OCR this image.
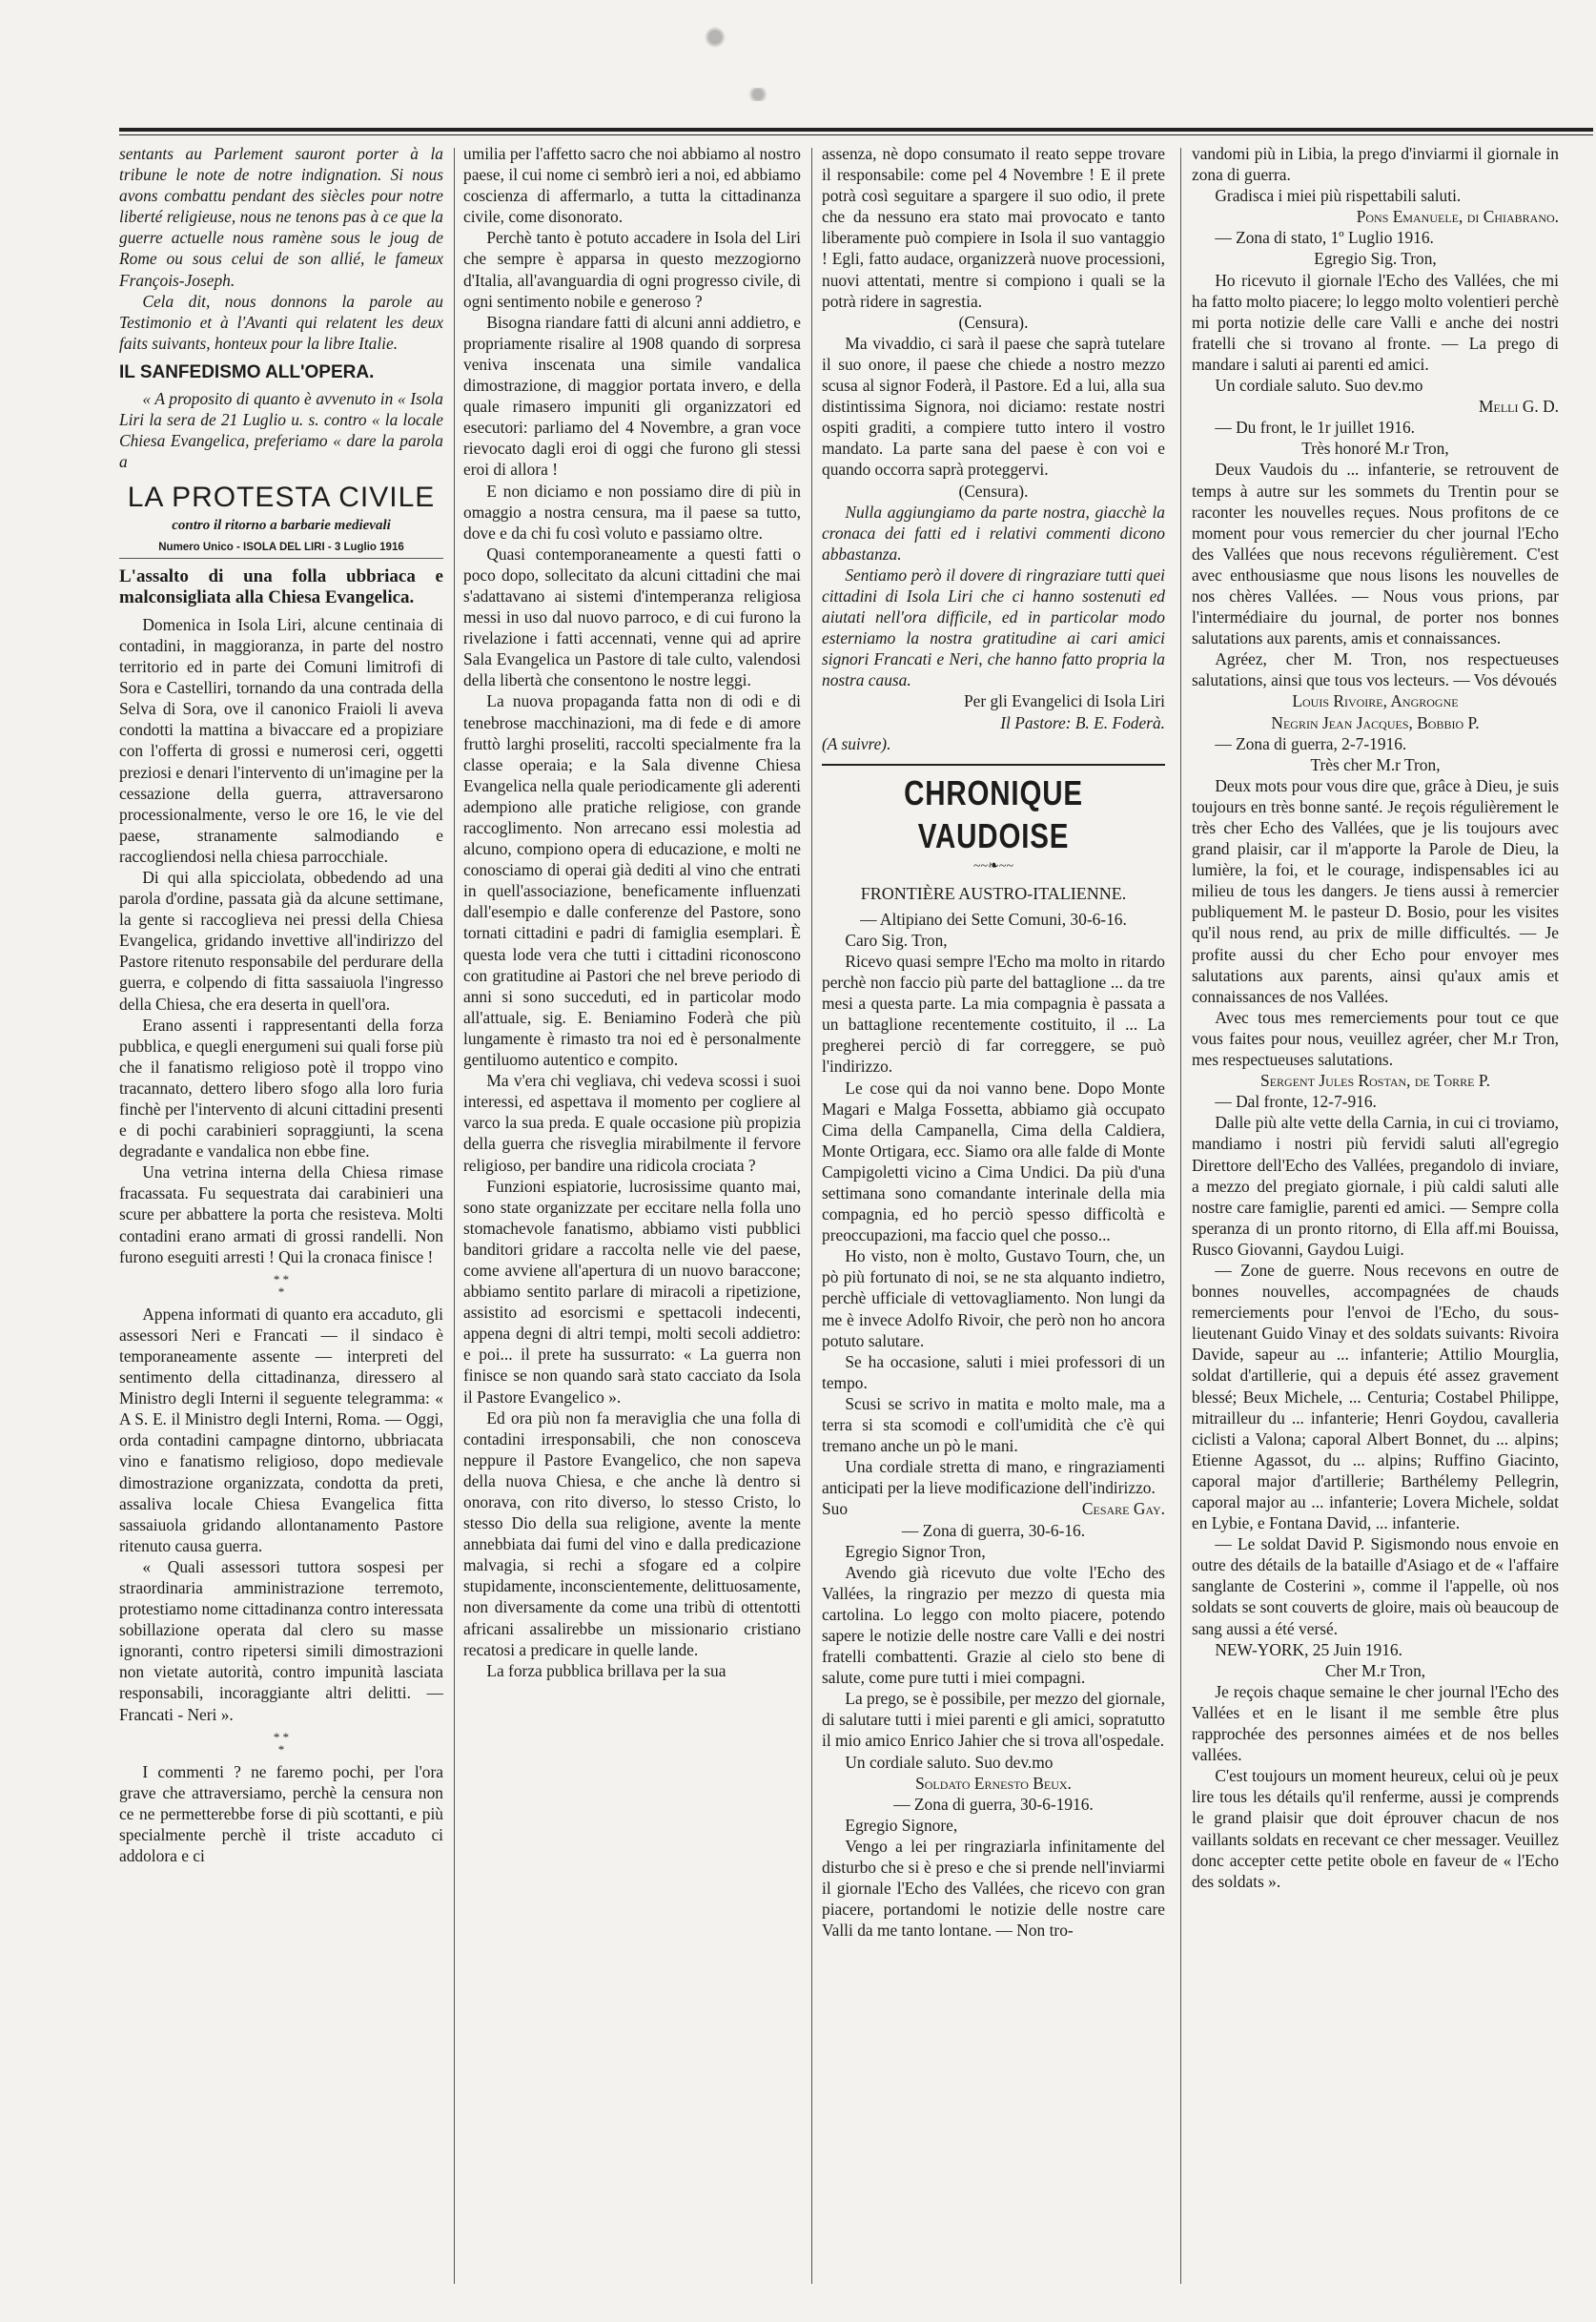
sentants au Parlement sauront porter à la tribune le note de notre indignation. Si nous avons combattu pendant des siècles pour notre liberté religieuse, nous ne tenons pas à ce que la guerre actuelle nous ramène sous le joug de Rome ou sous celui de son allié, le fameux François-Joseph.

Cela dit, nous donnons la parole au Testimonio et à l'Avanti qui relatent les deux faits suivants, honteux pour la libre Italie.

IL SANFEDISMO ALL'OPERA.

« A proposito di quanto è avvenuto in « Isola Liri la sera de 21 Luglio u. s. contro « la locale Chiesa Evangelica, preferiamo « dare la parola a

LA PROTESTA CIVILE

contro il ritorno a barbarie medievali

Numero Unico - ISOLA DEL LIRI - 3 Luglio 1916

L'assalto di una folla ubbriaca e malconsigliata alla Chiesa Evangelica.

Domenica in Isola Liri, alcune centinaia di contadini, in maggioranza, in parte del nostro territorio ed in parte dei Comuni limitrofi di Sora e Castelliri, tornando da una contrada della Selva di Sora, ove il canonico Fraioli li aveva condotti la mattina a bivaccare ed a propiziare con l'offerta di grossi e numerosi ceri, oggetti preziosi e denari l'intervento di un'imagine per la cessazione della guerra, attraversarono processionalmente, verso le ore 16, le vie del paese, stranamente salmodiando e raccogliendosi nella chiesa parrocchiale.

Di qui alla spicciolata, obbedendo ad una parola d'ordine, passata già da alcune settimane, la gente si raccoglieva nei pressi della Chiesa Evangelica, gridando invettive all'indirizzo del Pastore ritenuto responsabile del perdurare della guerra, e colpendo di fitta sassaiuola l'ingresso della Chiesa, che era deserta in quell'ora.

Erano assenti i rappresentanti della forza pubblica, e quegli energumeni sui quali forse più che il fanatismo religioso potè il troppo vino tracannato, dettero libero sfogo alla loro furia finchè per l'intervento di alcuni cittadini presenti e di pochi carabinieri sopraggiunti, la scena degradante e vandalica non ebbe fine.

Una vetrina interna della Chiesa rimase fracassata. Fu sequestrata dai carabinieri una scure per abbattere la porta che resisteva. Molti contadini erano armati di grossi randelli. Non furono eseguiti arresti ! Qui la cronaca finisce !

* *
*

Appena informati di quanto era accaduto, gli assessori Neri e Francati — il sindaco è temporaneamente assente — interpreti del sentimento della cittadinanza, diressero al Ministro degli Interni il seguente telegramma: « A S. E. il Ministro degli Interni, Roma. — Oggi, orda contadini campagne dintorno, ubbriacata vino e fanatismo religioso, dopo medievale dimostrazione organizzata, condotta da preti, assaliva locale Chiesa Evangelica fitta sassaiuola gridando allontanamento Pastore ritenuto causa guerra.

« Quali assessori tuttora sospesi per straordinaria amministrazione terremoto, protestiamo nome cittadinanza contro interessata sobillazione operata dal clero su masse ignoranti, contro ripetersi simili dimostrazioni non vietate autorità, contro impunità lasciata responsabili, incoraggiante altri delitti. — Francati - Neri ».

* *
*

I commenti ? ne faremo pochi, per l'ora grave che attraversiamo, perchè la censura non ce ne permetterebbe forse di più scottanti, e più specialmente perchè il triste accaduto ci addolora e ci

umilia per l'affetto sacro che noi abbiamo al nostro paese, il cui nome ci sembrò ieri a noi, ed abbiamo coscienza di affermarlo, a tutta la cittadinanza civile, come disonorato.

Perchè tanto è potuto accadere in Isola del Liri che sempre è apparsa in questo mezzogiorno d'Italia, all'avanguardia di ogni progresso civile, di ogni sentimento nobile e generoso ?

Bisogna riandare fatti di alcuni anni addietro, e propriamente risalire al 1908 quando di sorpresa veniva inscenata una simile vandalica dimostrazione, di maggior portata invero, e della quale rimasero impuniti gli organizzatori ed esecutori: parliamo del 4 Novembre, a gran voce rievocato dagli eroi di oggi che furono gli stessi eroi di allora !

E non diciamo e non possiamo dire di più in omaggio a nostra censura, ma il paese sa tutto, dove e da chi fu così voluto e passiamo oltre.

Quasi contemporaneamente a questi fatti o poco dopo, sollecitato da alcuni cittadini che mai s'adattavano ai sistemi d'intemperanza religiosa messi in uso dal nuovo parroco, e di cui furono la rivelazione i fatti accennati, venne qui ad aprire Sala Evangelica un Pastore di tale culto, valendosi della libertà che consentono le nostre leggi.

La nuova propaganda fatta non di odi e di tenebrose macchinazioni, ma di fede e di amore fruttò larghi proseliti, raccolti specialmente fra la classe operaia; e la Sala divenne Chiesa Evangelica nella quale periodicamente gli aderenti adempiono alle pratiche religiose, con grande raccoglimento. Non arrecano essi molestia ad alcuno, compiono opera di educazione, e molti ne conosciamo di operai già dediti al vino che entrati in quell'associazione, beneficamente influenzati dall'esempio e dalle conferenze del Pastore, sono tornati cittadini e padri di famiglia esemplari. È questa lode vera che tutti i cittadini riconoscono con gratitudine ai Pastori che nel breve periodo di anni si sono succeduti, ed in particolar modo all'attuale, sig. E. Beniamino Foderà che più lungamente è rimasto tra noi ed è personalmente gentiluomo autentico e compito.

Ma v'era chi vegliava, chi vedeva scossi i suoi interessi, ed aspettava il momento per cogliere al varco la sua preda. E quale occasione più propizia della guerra che risveglia mirabilmente il fervore religioso, per bandire una ridicola crociata ?

Funzioni espiatorie, lucrosissime quanto mai, sono state organizzate per eccitare nella folla uno stomachevole fanatismo, abbiamo visti pubblici banditori gridare a raccolta nelle vie del paese, come avviene all'apertura di un nuovo baraccone; abbiamo sentito parlare di miracoli a ripetizione, assistito ad esorcismi e spettacoli indecenti, appena degni di altri tempi, molti secoli addietro: e poi... il prete ha sussurrato: « La guerra non finisce se non quando sarà stato cacciato da Isola il Pastore Evangelico ».

Ed ora più non fa meraviglia che una folla di contadini irresponsabili, che non conosceva neppure il Pastore Evangelico, che non sapeva della nuova Chiesa, e che anche là dentro si onorava, con rito diverso, lo stesso Cristo, lo stesso Dio della sua religione, avente la mente annebbiata dai fumi del vino e dalla predicazione malvagia, si rechi a sfogare ed a colpire stupidamente, inconscientemente, delittuosamente, non diversamente da come una tribù di ottentotti africani assalirebbe un missionario cristiano recatosi a predicare in quelle lande.

La forza pubblica brillava per la sua

assenza, nè dopo consumato il reato seppe trovare il responsabile: come pel 4 Novembre ! E il prete potrà così seguitare a spargere il suo odio, il prete che da nessuno era stato mai provocato e tanto liberamente può compiere in Isola il suo vantaggio ! Egli, fatto audace, organizzerà nuove processioni, nuovi attentati, mentre si compiono i quali se la potrà ridere in sagrestia.

(Censura).

Ma vivaddio, ci sarà il paese che saprà tutelare il suo onore, il paese che chiede a nostro mezzo scusa al signor Foderà, il Pastore. Ed a lui, alla sua distintissima Signora, noi diciamo: restate nostri ospiti graditi, a compiere tutto intero il vostro mandato. La parte sana del paese è con voi e quando occorra saprà proteggervi.

(Censura).

Nulla aggiungiamo da parte nostra, giacchè la cronaca dei fatti ed i relativi commenti dicono abbastanza.

Sentiamo però il dovere di ringraziare tutti quei cittadini di Isola Liri che ci hanno sostenuti ed aiutati nell'ora difficile, ed in particolar modo esterniamo la nostra gratitudine ai cari amici signori Francati e Neri, che hanno fatto propria la nostra causa.

Per gli Evangelici di Isola Liri

Il Pastore: B. E. Foderà.

(A suivre).

CHRONIQUE VAUDOISE

~~❧~~

FRONTIÈRE AUSTRO-ITALIENNE.

— Altipiano dei Sette Comuni, 30-6-16.

Caro Sig. Tron,

Ricevo quasi sempre l'Echo ma molto in ritardo perchè non faccio più parte del battaglione ... da tre mesi a questa parte. La mia compagnia è passata a un battaglione recentemente costituito, il ... La pregherei perciò di far correggere, se può l'indirizzo.

Le cose qui da noi vanno bene. Dopo Monte Magari e Malga Fossetta, abbiamo già occupato Cima della Campanella, Cima della Caldiera, Monte Ortigara, ecc. Siamo ora alle falde di Monte Campigoletti vicino a Cima Undici. Da più d'una settimana sono comandante interinale della mia compagnia, ed ho perciò spesso difficoltà e preoccupazioni, ma faccio quel che posso...

Ho visto, non è molto, Gustavo Tourn, che, un pò più fortunato di noi, se ne sta alquanto indietro, perchè ufficiale di vettovagliamento. Non lungi da me è invece Adolfo Rivoir, che però non ho ancora potuto salutare.

Se ha occasione, saluti i miei professori di un tempo.

Scusi se scrivo in matita e molto male, ma a terra si sta scomodi e coll'umidità che c'è qui tremano anche un pò le mani.

Una cordiale stretta di mano, e ringraziamenti anticipati per la lieve modificazione dell'indirizzo.

Suo	Cesare Gay.

— Zona di guerra, 30-6-16.

Egregio Signor Tron,

Avendo già ricevuto due volte l'Echo des Vallées, la ringrazio per mezzo di questa mia cartolina. Lo leggo con molto piacere, potendo sapere le notizie delle nostre care Valli e dei nostri fratelli combattenti. Grazie al cielo sto bene di salute, come pure tutti i miei compagni.

La prego, se è possibile, per mezzo del giornale, di salutare tutti i miei parenti e gli amici, sopratutto il mio amico Enrico Jahier che si trova all'ospedale.

Un cordiale saluto. Suo dev.mo

Soldato Ernesto Beux.

— Zona di guerra, 30-6-1916.

Egregio Signore,

Vengo a lei per ringraziarla infinitamente del disturbo che si è preso e che si prende nell'inviarmi il giornale l'Echo des Vallées, che ricevo con gran piacere, portandomi le notizie delle nostre care Valli da me tanto lontane. — Non tro-

vandomi più in Libia, la prego d'inviarmi il giornale in zona di guerra.

Gradisca i miei più rispettabili saluti.

Pons Emanuele, di Chiabrano.

— Zona di stato, 1º Luglio 1916.

Egregio Sig. Tron,

Ho ricevuto il giornale l'Echo des Vallées, che mi ha fatto molto piacere; lo leggo molto volentieri perchè mi porta notizie delle care Valli e anche dei nostri fratelli che si trovano al fronte. — La prego di mandare i saluti ai parenti ed amici.

Un cordiale saluto. Suo dev.mo

Melli G. D.

— Du front, le 1r juillet 1916.

Très honoré M.r Tron,

Deux Vaudois du ... infanterie, se retrouvent de temps à autre sur les sommets du Trentin pour se raconter les nouvelles reçues. Nous profitons de ce moment pour vous remercier du cher journal l'Echo des Vallées que nous recevons régulièrement. C'est avec enthousiasme que nous lisons les nouvelles de nos chères Vallées. — Nous vous prions, par l'intermédiaire du journal, de porter nos bonnes salutations aux parents, amis et connaissances.

Agréez, cher M. Tron, nos respectueuses salutations, ainsi que tous vos lecteurs. — Vos dévoués

Louis Rivoire, Angrogne

Negrin Jean Jacques, Bobbio P.

— Zona di guerra, 2-7-1916.

Très cher M.r Tron,

Deux mots pour vous dire que, grâce à Dieu, je suis toujours en très bonne santé. Je reçois régulièrement le très cher Echo des Vallées, que je lis toujours avec grand plaisir, car il m'apporte la Parole de Dieu, la lumière, la foi, et le courage, indispensables ici au milieu de tous les dangers. Je tiens aussi à remercier publiquement M. le pasteur D. Bosio, pour les visites qu'il nous rend, au prix de mille difficultés. — Je profite aussi du cher Echo pour envoyer mes salutations aux parents, ainsi qu'aux amis et connaissances de nos Vallées.

Avec tous mes remerciements pour tout ce que vous faites pour nous, veuillez agréer, cher M.r Tron, mes respectueuses salutations.

Sergent Jules Rostan, de Torre P.

— Dal fronte, 12-7-916.

Dalle più alte vette della Carnia, in cui ci troviamo, mandiamo i nostri più fervidi saluti all'egregio Direttore dell'Echo des Vallées, pregandolo di inviare, a mezzo del pregiato giornale, i più caldi saluti alle nostre care famiglie, parenti ed amici. — Sempre colla speranza di un pronto ritorno, di Ella aff.mi Bouissa, Rusco Giovanni, Gaydou Luigi.

— Zone de guerre. Nous recevons en outre de bonnes nouvelles, accompagnées de chauds remerciements pour l'envoi de l'Echo, du sous-lieutenant Guido Vinay et des soldats suivants: Rivoira Davide, sapeur au ... infanterie; Attilio Mourglia, soldat d'artillerie, qui a depuis été assez gravement blessé; Beux Michele, ... Centuria; Costabel Philippe, mitrailleur du ... infanterie; Henri Goydou, cavalleria ciclisti a Valona; caporal Albert Bonnet, du ... alpins; Etienne Agassot, du ... alpins; Ruffino Giacinto, caporal major d'artillerie; Barthélemy Pellegrin, caporal major au ... infanterie; Lovera Michele, soldat en Lybie, e Fontana David, ... infanterie.

— Le soldat David P. Sigismondo nous envoie en outre des détails de la bataille d'Asiago et de « l'affaire sanglante de Costerini », comme il l'appelle, où nos soldats se sont couverts de gloire, mais où beaucoup de sang aussi a été versé.

NEW-YORK, 25 Juin 1916.

Cher M.r Tron,

Je reçois chaque semaine le cher journal l'Echo des Vallées et en le lisant il me semble être plus rapprochée des personnes aimées et de nos belles vallées.

C'est toujours un moment heureux, celui où je peux lire tous les détails qu'il renferme, aussi je comprends le grand plaisir que doit éprouver chacun de nos vaillants soldats en recevant ce cher messager. Veuillez donc accepter cette petite obole en faveur de « l'Echo des soldats ».
